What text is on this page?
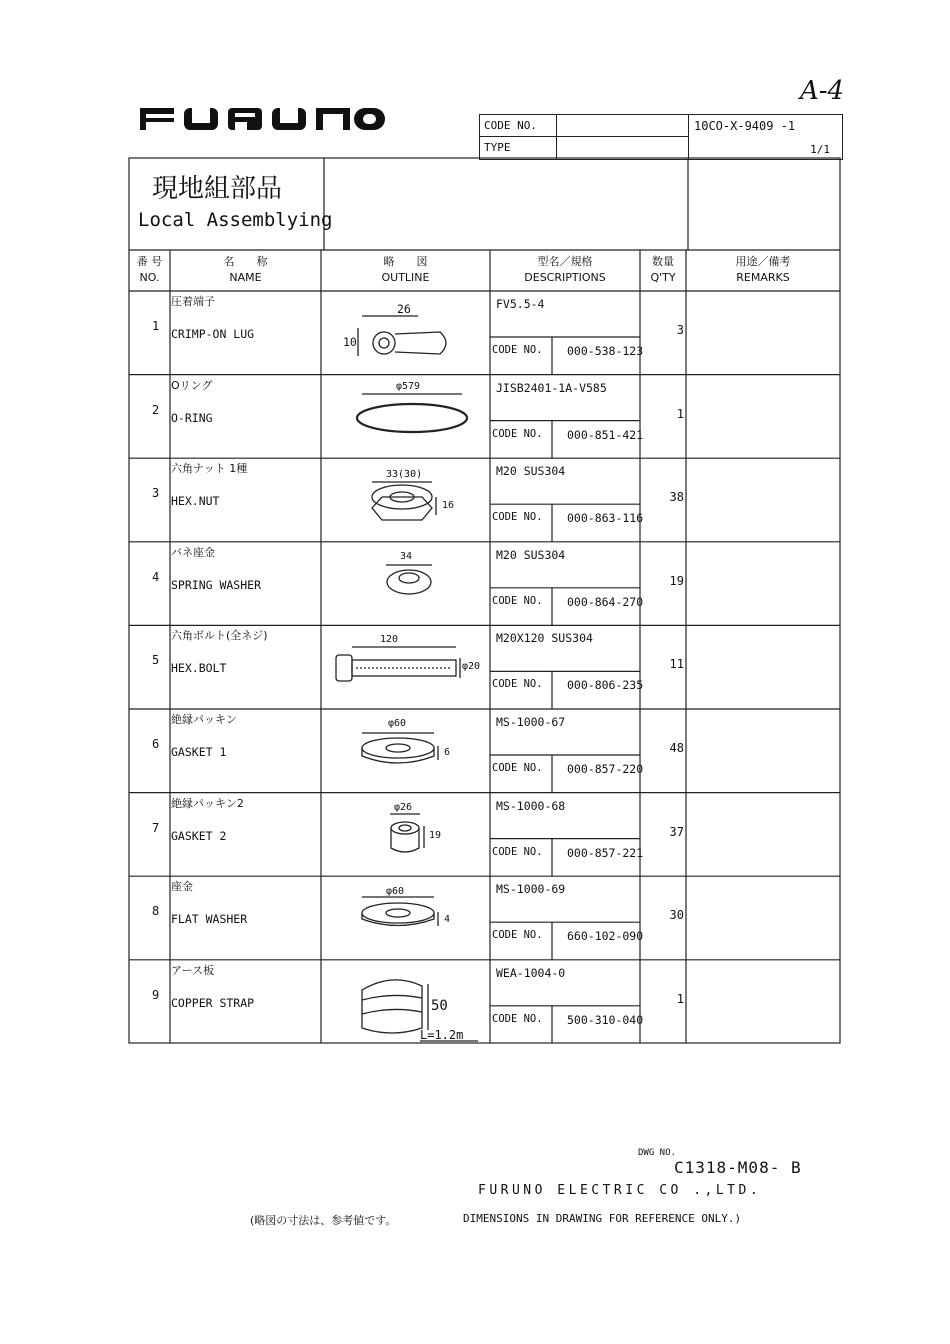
A-4
CODE NO.
TYPE
10CO-X-9409 -1
1/1
現地組部品
Local Assemblying
番 号
NO.
名　　称
NAME
略　　図
OUTLINE
型名／規格
DESCRIPTIONS
数量
Q'TY
用途／備考
REMARKS
1
圧着端子
CRIMP-ON LUG
FV5.5-4
CODE NO. 000-538-123
3
2
Oリング
O-RING
JISB2401-1A-V585
CODE NO. 000-851-421
1
3
六角ナット 1種
HEX.NUT
M20 SUS304
CODE NO. 000-863-116
38
4
バネ座金
SPRING WASHER
M20 SUS304
CODE NO. 000-864-270
19
5
六角ボルト(全ネジ)
HEX.BOLT
M20X120 SUS304
CODE NO. 000-806-235
11
6
絶縁パッキン
GASKET 1
MS-1000-67
CODE NO. 000-857-220
48
7
絶縁パッキン2
GASKET 2
MS-1000-68
CODE NO. 000-857-221
37
8
座金
FLAT WASHER
MS-1000-69
CODE NO. 660-102-090
30
9
アース板
COPPER STRAP
WEA-1004-0
CODE NO. 500-310-040
1
26
10
φ579
33(30)
16
34
120
φ20
φ60
6
φ26
19
φ60
4
50
L=1.2m
DWG NO.
C1318-M08- B
FURUNO ELECTRIC CO .,LTD.
(略図の寸法は、参考値です。	DIMENSIONS IN DRAWING FOR REFERENCE ONLY.)
